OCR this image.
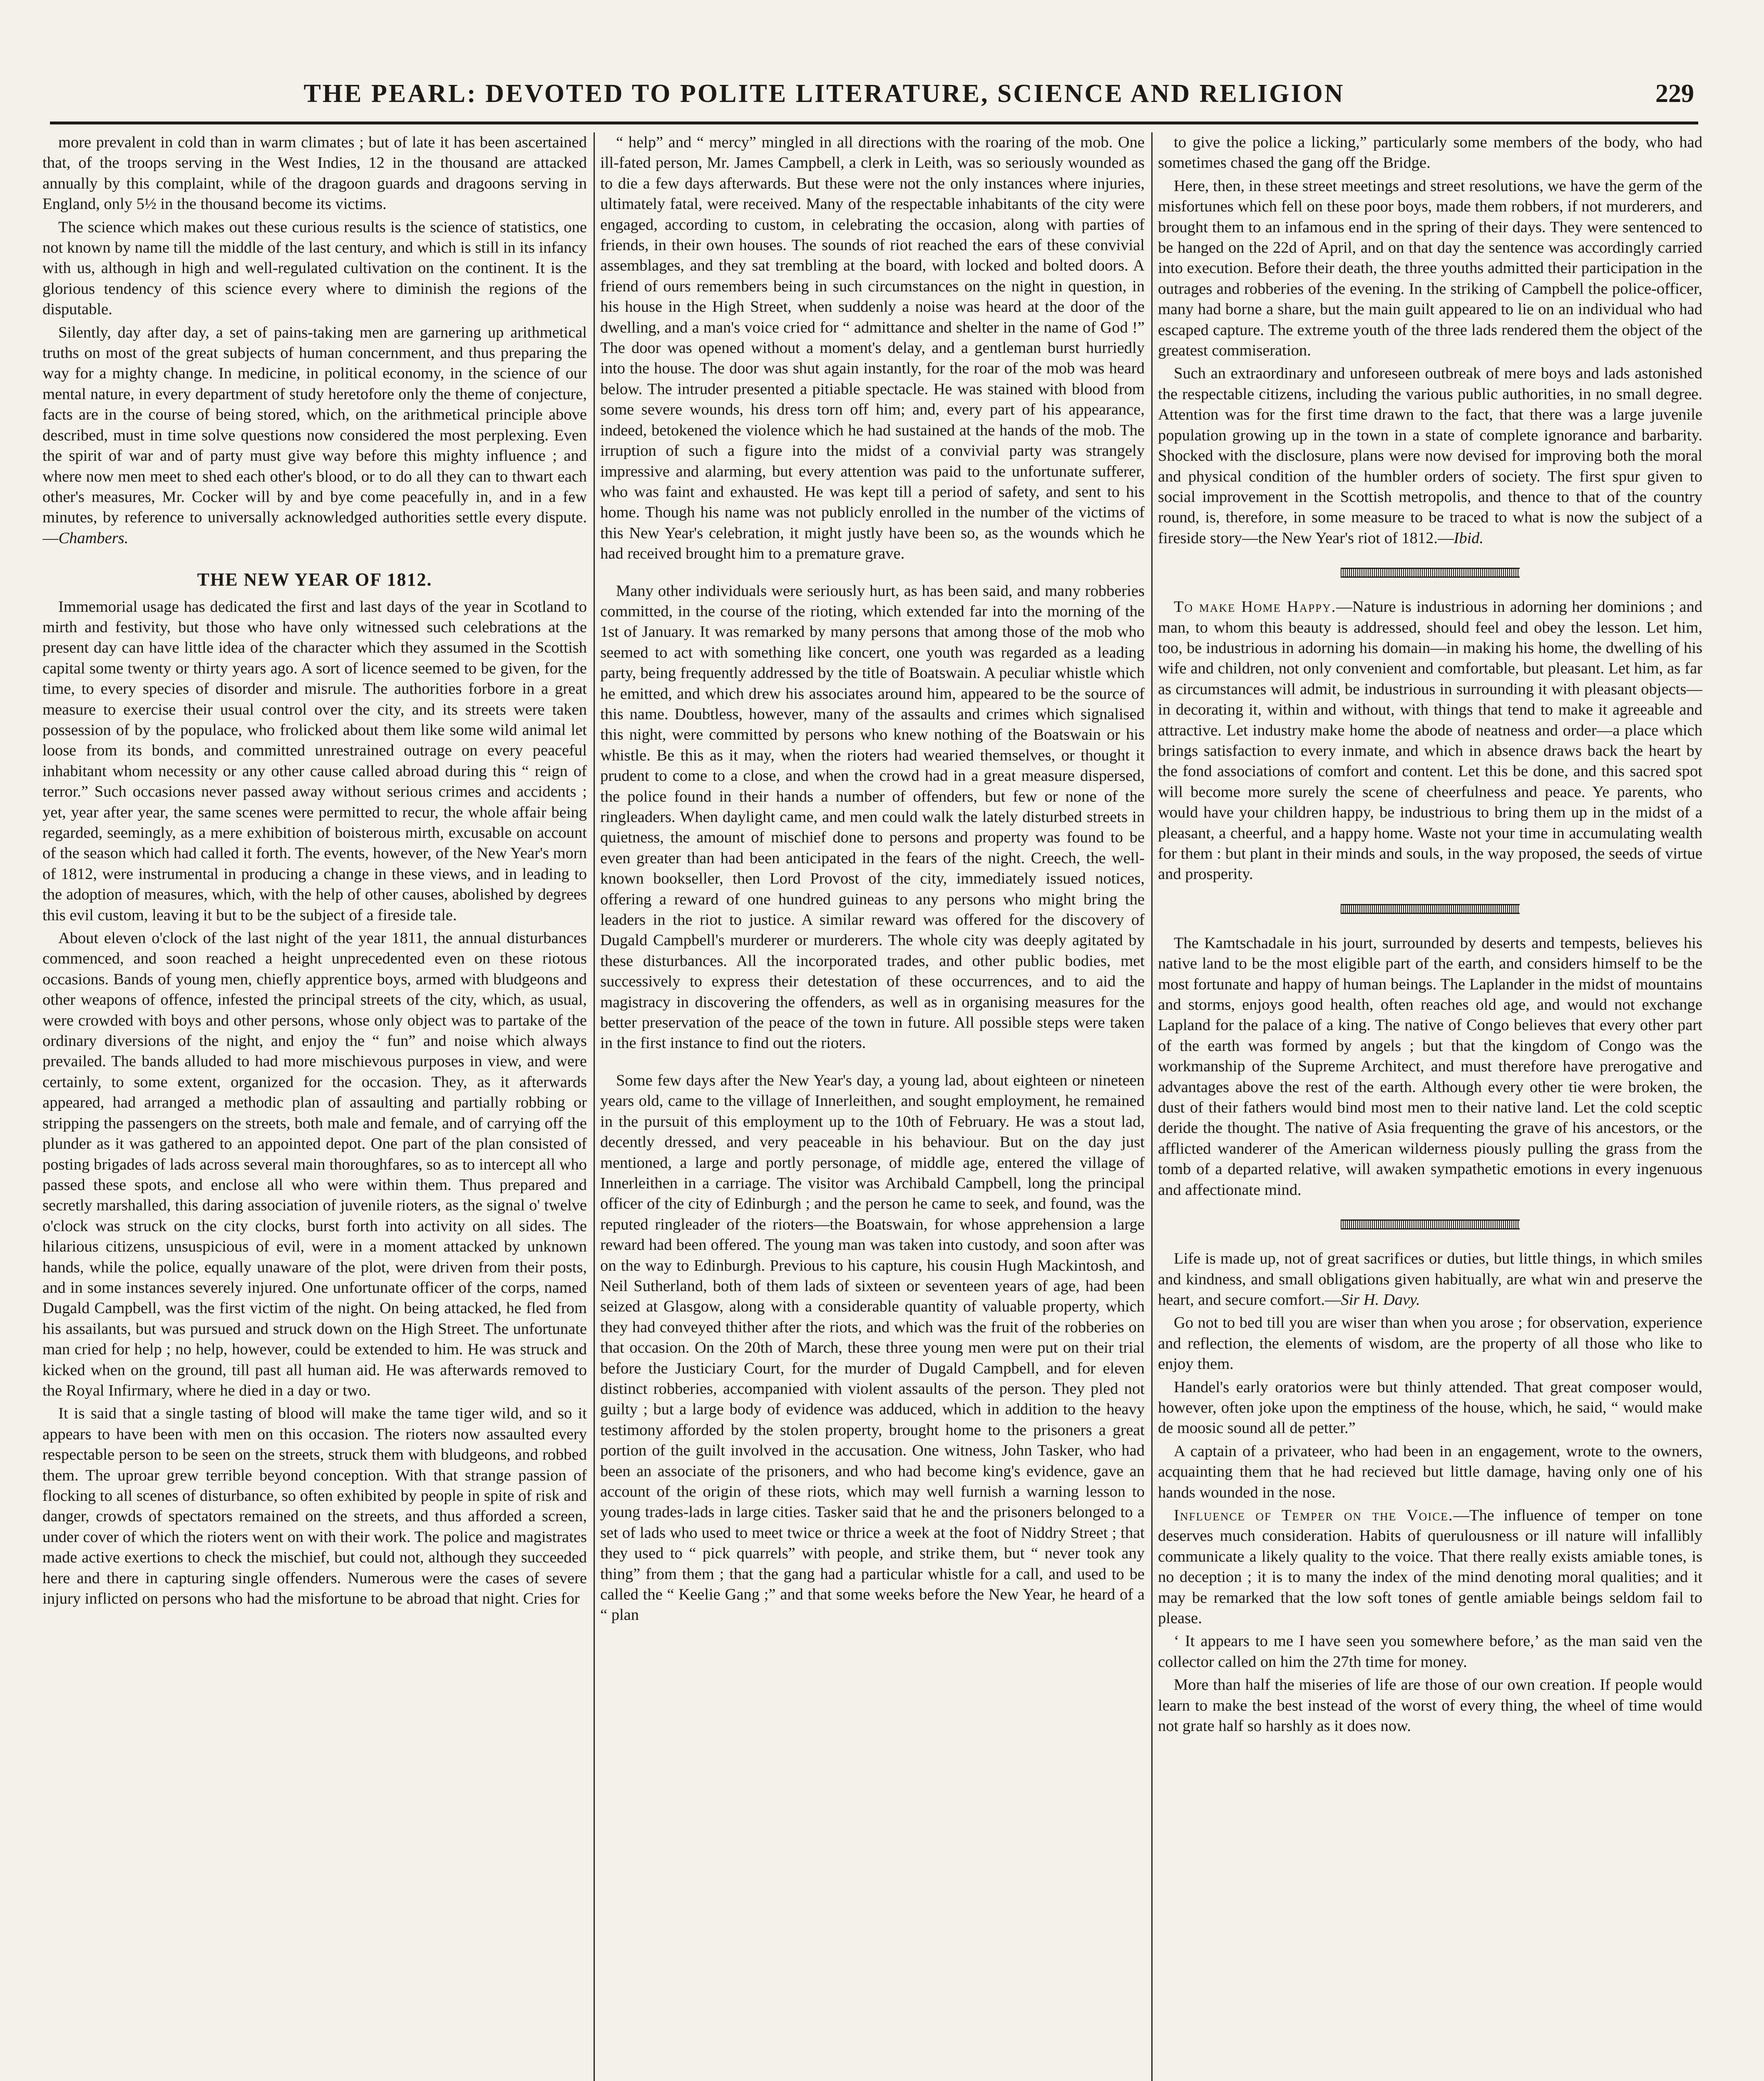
THE PEARL: DEVOTED TO POLITE LITERATURE, SCIENCE AND RELIGION	229

more prevalent in cold than in warm climates ; but of late it has been ascertained that, of the troops serving in the West Indies, 12 in the thousand are attacked annually by this complaint, while of the dragoon guards and dragoons serving in England, only 5½ in the thousand become its victims.

The science which makes out these curious results is the science of statistics, one not known by name till the middle of the last century, and which is still in its infancy with us, although in high and well-regulated cultivation on the continent. It is the glorious tendency of this science every where to diminish the regions of the disputable.

Silently, day after day, a set of pains-taking men are garnering up arithmetical truths on most of the great subjects of human concernment, and thus preparing the way for a mighty change. In medicine, in political economy, in the science of our mental nature, in every department of study heretofore only the theme of conjecture, facts are in the course of being stored, which, on the arithmetical principle above described, must in time solve questions now considered the most perplexing. Even the spirit of war and of party must give way before this mighty influence ; and where now men meet to shed each other's blood, or to do all they can to thwart each other's measures, Mr. Cocker will by and bye come peacefully in, and in a few minutes, by reference to universally acknowledged authorities settle every dispute.—Chambers.

THE NEW YEAR OF 1812.

Immemorial usage has dedicated the first and last days of the year in Scotland to mirth and festivity, but those who have only witnessed such celebrations at the present day can have little idea of the character which they assumed in the Scottish capital some twenty or thirty years ago. A sort of licence seemed to be given, for the time, to every species of disorder and misrule. The authorities forbore in a great measure to exercise their usual control over the city, and its streets were taken possession of by the populace, who frolicked about them like some wild animal let loose from its bonds, and committed unrestrained outrage on every peaceful inhabitant whom necessity or any other cause called abroad during this “ reign of terror.” Such occasions never passed away without serious crimes and accidents ; yet, year after year, the same scenes were permitted to recur, the whole affair being regarded, seemingly, as a mere exhibition of boisterous mirth, excusable on account of the season which had called it forth. The events, however, of the New Year's morn of 1812, were instrumental in producing a change in these views, and in leading to the adoption of measures, which, with the help of other causes, abolished by degrees this evil custom, leaving it but to be the subject of a fireside tale.

About eleven o'clock of the last night of the year 1811, the annual disturbances commenced, and soon reached a height unprecedented even on these riotous occasions. Bands of young men, chiefly apprentice boys, armed with bludgeons and other weapons of offence, infested the principal streets of the city, which, as usual, were crowded with boys and other persons, whose only object was to partake of the ordinary diversions of the night, and enjoy the “ fun” and noise which always prevailed. The bands alluded to had more mischievous purposes in view, and were certainly, to some extent, organized for the occasion. They, as it afterwards appeared, had arranged a methodic plan of assaulting and partially robbing or stripping the passengers on the streets, both male and female, and of carrying off the plunder as it was gathered to an appointed depot. One part of the plan consisted of posting brigades of lads across several main thoroughfares, so as to intercept all who passed these spots, and enclose all who were within them. Thus prepared and secretly marshalled, this daring association of juvenile rioters, as the signal o' twelve o'clock was struck on the city clocks, burst forth into activity on all sides. The hilarious citizens, unsuspicious of evil, were in a moment attacked by unknown hands, while the police, equally unaware of the plot, were driven from their posts, and in some instances severely injured. One unfortunate officer of the corps, named Dugald Campbell, was the first victim of the night. On being attacked, he fled from his assailants, but was pursued and struck down on the High Street. The unfortunate man cried for help ; no help, however, could be extended to him. He was struck and kicked when on the ground, till past all human aid. He was afterwards removed to the Royal Infirmary, where he died in a day or two.

It is said that a single tasting of blood will make the tame tiger wild, and so it appears to have been with men on this occasion. The rioters now assaulted every respectable person to be seen on the streets, struck them with bludgeons, and robbed them. The uproar grew terrible beyond conception. With that strange passion of flocking to all scenes of disturbance, so often exhibited by people in spite of risk and danger, crowds of spectators remained on the streets, and thus afforded a screen, under cover of which the rioters went on with their work. The police and magistrates made active exertions to check the mischief, but could not, although they succeeded here and there in capturing single offenders. Numerous were the cases of severe injury inflicted on persons who had the misfortune to be abroad that night. Cries for

“ help” and “ mercy” mingled in all directions with the roaring of the mob. One ill-fated person, Mr. James Campbell, a clerk in Leith, was so seriously wounded as to die a few days afterwards. But these were not the only instances where injuries, ultimately fatal, were received. Many of the respectable inhabitants of the city were engaged, according to custom, in celebrating the occasion, along with parties of friends, in their own houses. The sounds of riot reached the ears of these convivial assemblages, and they sat trembling at the board, with locked and bolted doors. A friend of ours remembers being in such circumstances on the night in question, in his house in the High Street, when suddenly a noise was heard at the door of the dwelling, and a man's voice cried for “ admittance and shelter in the name of God !” The door was opened without a moment's delay, and a gentleman burst hurriedly into the house. The door was shut again instantly, for the roar of the mob was heard below. The intruder presented a pitiable spectacle. He was stained with blood from some severe wounds, his dress torn off him; and, every part of his appearance, indeed, betokened the violence which he had sustained at the hands of the mob. The irruption of such a figure into the midst of a convivial party was strangely impressive and alarming, but every attention was paid to the unfortunate sufferer, who was faint and exhausted. He was kept till a period of safety, and sent to his home. Though his name was not publicly enrolled in the number of the victims of this New Year's celebration, it might justly have been so, as the wounds which he had received brought him to a premature grave.

Many other individuals were seriously hurt, as has been said, and many robberies committed, in the course of the rioting, which extended far into the morning of the 1st of January. It was remarked by many persons that among those of the mob who seemed to act with something like concert, one youth was regarded as a leading party, being frequently addressed by the title of Boatswain. A peculiar whistle which he emitted, and which drew his associates around him, appeared to be the source of this name. Doubtless, however, many of the assaults and crimes which signalised this night, were committed by persons who knew nothing of the Boatswain or his whistle. Be this as it may, when the rioters had wearied themselves, or thought it prudent to come to a close, and when the crowd had in a great measure dispersed, the police found in their hands a number of offenders, but few or none of the ringleaders. When daylight came, and men could walk the lately disturbed streets in quietness, the amount of mischief done to persons and property was found to be even greater than had been anticipated in the fears of the night. Creech, the well-known bookseller, then Lord Provost of the city, immediately issued notices, offering a reward of one hundred guineas to any persons who might bring the leaders in the riot to justice. A similar reward was offered for the discovery of Dugald Campbell's murderer or murderers. The whole city was deeply agitated by these disturbances. All the incorporated trades, and other public bodies, met successively to express their detestation of these occurrences, and to aid the magistracy in discovering the offenders, as well as in organising measures for the better preservation of the peace of the town in future. All possible steps were taken in the first instance to find out the rioters.

Some few days after the New Year's day, a young lad, about eighteen or nineteen years old, came to the village of Innerleithen, and sought employment, he remained in the pursuit of this employment up to the 10th of February. He was a stout lad, decently dressed, and very peaceable in his behaviour. But on the day just mentioned, a large and portly personage, of middle age, entered the village of Innerleithen in a carriage. The visitor was Archibald Campbell, long the principal officer of the city of Edinburgh ; and the person he came to seek, and found, was the reputed ringleader of the rioters—the Boatswain, for whose apprehension a large reward had been offered. The young man was taken into custody, and soon after was on the way to Edinburgh. Previous to his capture, his cousin Hugh Mackintosh, and Neil Sutherland, both of them lads of sixteen or seventeen years of age, had been seized at Glasgow, along with a considerable quantity of valuable property, which they had conveyed thither after the riots, and which was the fruit of the robberies on that occasion. On the 20th of March, these three young men were put on their trial before the Justiciary Court, for the murder of Dugald Campbell, and for eleven distinct robberies, accompanied with violent assaults of the person. They pled not guilty ; but a large body of evidence was adduced, which in addition to the heavy testimony afforded by the stolen property, brought home to the prisoners a great portion of the guilt involved in the accusation. One witness, John Tasker, who had been an associate of the prisoners, and who had become king's evidence, gave an account of the origin of these riots, which may well furnish a warning lesson to young trades-lads in large cities. Tasker said that he and the prisoners belonged to a set of lads who used to meet twice or thrice a week at the foot of Niddry Street ; that they used to “ pick quarrels” with people, and strike them, but “ never took any thing” from them ; that the gang had a particular whistle for a call, and used to be called the “ Keelie Gang ;” and that some weeks before the New Year, he heard of a “ plan

to give the police a licking,” particularly some members of the body, who had sometimes chased the gang off the Bridge.

Here, then, in these street meetings and street resolutions, we have the germ of the misfortunes which fell on these poor boys, made them robbers, if not murderers, and brought them to an infamous end in the spring of their days. They were sentenced to be hanged on the 22d of April, and on that day the sentence was accordingly carried into execution. Before their death, the three youths admitted their participation in the outrages and robberies of the evening. In the striking of Campbell the police-officer, many had borne a share, but the main guilt appeared to lie on an individual who had escaped capture. The extreme youth of the three lads rendered them the object of the greatest commiseration.

Such an extraordinary and unforeseen outbreak of mere boys and lads astonished the respectable citizens, including the various public authorities, in no small degree. Attention was for the first time drawn to the fact, that there was a large juvenile population growing up in the town in a state of complete ignorance and barbarity. Shocked with the disclosure, plans were now devised for improving both the moral and physical condition of the humbler orders of society. The first spur given to social improvement in the Scottish metropolis, and thence to that of the country round, is, therefore, in some measure to be traced to what is now the subject of a fireside story—the New Year's riot of 1812.—Ibid.

To make Home Happy.—Nature is industrious in adorning her dominions ; and man, to whom this beauty is addressed, should feel and obey the lesson. Let him, too, be industrious in adorning his domain—in making his home, the dwelling of his wife and children, not only convenient and comfortable, but pleasant. Let him, as far as circumstances will admit, be industrious in surrounding it with pleasant objects—in decorating it, within and without, with things that tend to make it agreeable and attractive. Let industry make home the abode of neatness and order—a place which brings satisfaction to every inmate, and which in absence draws back the heart by the fond associations of comfort and content. Let this be done, and this sacred spot will become more surely the scene of cheerfulness and peace. Ye parents, who would have your children happy, be industrious to bring them up in the midst of a pleasant, a cheerful, and a happy home. Waste not your time in accumulating wealth for them : but plant in their minds and souls, in the way proposed, the seeds of virtue and prosperity.

The Kamtschadale in his jourt, surrounded by deserts and tempests, believes his native land to be the most eligible part of the earth, and considers himself to be the most fortunate and happy of human beings. The Laplander in the midst of mountains and storms, enjoys good health, often reaches old age, and would not exchange Lapland for the palace of a king. The native of Congo believes that every other part of the earth was formed by angels ; but that the kingdom of Congo was the workmanship of the Supreme Architect, and must therefore have prerogative and advantages above the rest of the earth. Although every other tie were broken, the dust of their fathers would bind most men to their native land. Let the cold sceptic deride the thought. The native of Asia frequenting the grave of his ancestors, or the afflicted wanderer of the American wilderness piously pulling the grass from the tomb of a departed relative, will awaken sympathetic emotions in every ingenuous and affectionate mind.

Life is made up, not of great sacrifices or duties, but little things, in which smiles and kindness, and small obligations given habitually, are what win and preserve the heart, and secure comfort.—Sir H. Davy.

Go not to bed till you are wiser than when you arose ; for observation, experience and reflection, the elements of wisdom, are the property of all those who like to enjoy them.

Handel's early oratorios were but thinly attended. That great composer would, however, often joke upon the emptiness of the house, which, he said, “ would make de moosic sound all de petter.”

A captain of a privateer, who had been in an engagement, wrote to the owners, acquainting them that he had recieved but little damage, having only one of his hands wounded in the nose.

Influence of Temper on the Voice.—The influence of temper on tone deserves much consideration. Habits of querulousness or ill nature will infallibly communicate a likely quality to the voice. That there really exists amiable tones, is no deception ; it is to many the index of the mind denoting moral qualities; and it may be remarked that the low soft tones of gentle amiable beings seldom fail to please.

‘ It appears to me I have seen you somewhere before,’ as the man said ven the collector called on him the 27th time for money.

More than half the miseries of life are those of our own creation. If people would learn to make the best instead of the worst of every thing, the wheel of time would not grate half so harshly as it does now.
